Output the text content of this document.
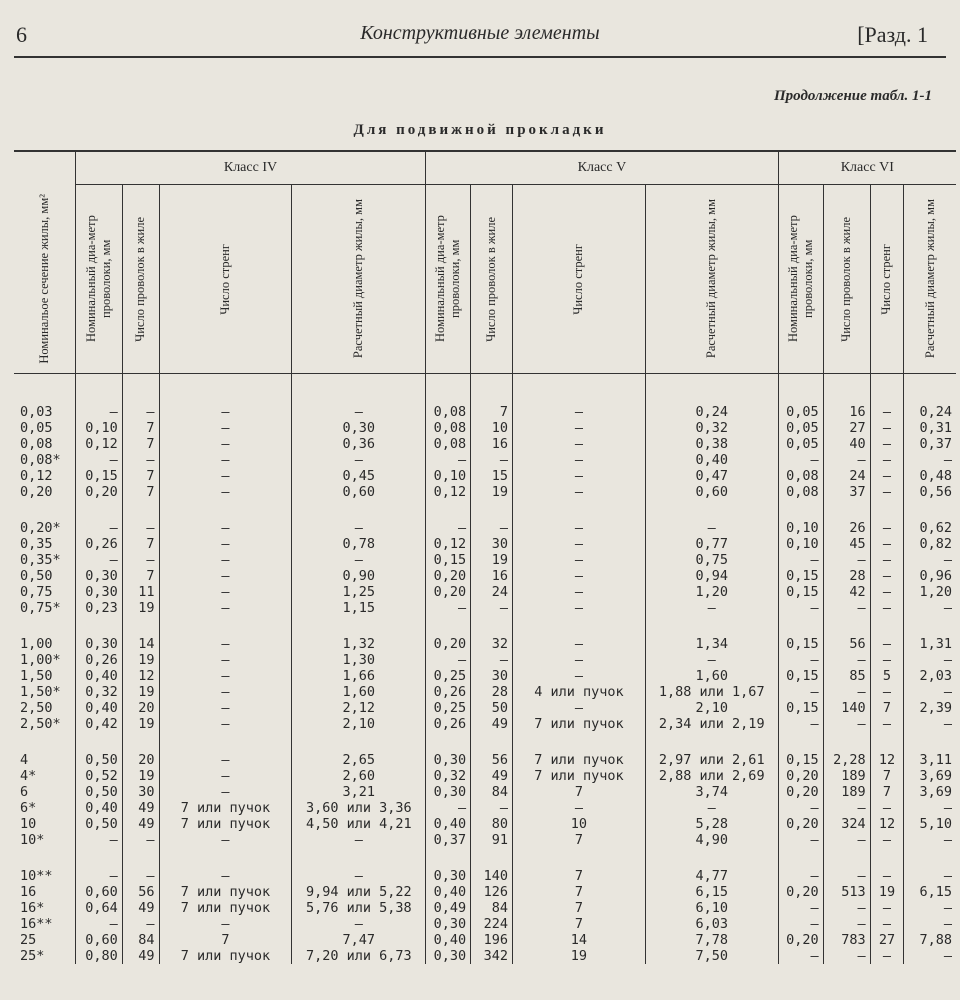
6	Конструктивные элементы	[Разд. 1
Продолжение табл. 1-1
Для подвижной прокладки
	Класс IV				Класс V				Класс VI			

Номинальое сечение жилы, мм²	Номинальный диа-метр проволоки, мм	Число проволок в жиле	Число стренг	Расчетный диаметр жилы, мм	Номинальный диа-метр проволоки, мм	Число проволок в жиле	Число стренг	Расчетный диаметр жилы, мм	Номинальный диа-метр проволоки, мм	Число проволок в жиле	Число стренг	Расчетный диаметр жилы, мм

0,03	—	—	—	—	0,08	7	—	0,24	0,05	16	—	0,24
0,05	0,10	7	—	0,30	0,08	10	—	0,32	0,05	27	—	0,31
0,08	0,12	7	—	0,36	0,08	16	—	0,38	0,05	40	—	0,37
0,08*	—	—	—	—	—	—	—	0,40	—	—	—	—
0,12	0,15	7	—	0,45	0,10	15	—	0,47	0,08	24	—	0,48
0,20	0,20	7	—	0,60	0,12	19	—	0,60	0,08	37	—	0,56

0,20*	—	—	—	—	—	—	—	—	0,10	26	—	0,62
0,35	0,26	7	—	0,78	0,12	30	—	0,77	0,10	45	—	0,82
0,35*	—	—	—	—	0,15	19	—	0,75	—	—	—	—
0,50	0,30	7	—	0,90	0,20	16	—	0,94	0,15	28	—	0,96
0,75	0,30	11	—	1,25	0,20	24	—	1,20	0,15	42	—	1,20
0,75*	0,23	19	—	1,15	—	—	—	—	—	—	—	—

1,00	0,30	14	—	1,32	0,20	32	—	1,34	0,15	56	—	1,31
1,00*	0,26	19	—	1,30	—	—	—	—	—	—	—	—
1,50	0,40	12	—	1,66	0,25	30	—	1,60	0,15	85	5	2,03
1,50*	0,32	19	—	1,60	0,26	28	4 или пучок	1,88 или 1,67	—	—	—	—
2,50	0,40	20	—	2,12	0,25	50	—	2,10	0,15	140	7	2,39
2,50*	0,42	19	—	2,10	0,26	49	7 или пучок	2,34 или 2,19	—	—	—	—

4	0,50	20	—	2,65	0,30	56	7 или пучок	2,97 или 2,61	0,15	2,28	12	3,11
4*	0,52	19	—	2,60	0,32	49	7 или пучок	2,88 или 2,69	0,20	189	7	3,69
6	0,50	30	—	3,21	0,30	84	7	3,74	0,20	189	7	3,69
6*	0,40	49	7 или пучок	3,60 или 3,36	—	—	—	—	—	—	—	—
10	0,50	49	7 или пучок	4,50 или 4,21	0,40	80	10	5,28	0,20	324	12	5,10
10*	—	—	—	—	0,37	91	7	4,90	—	—	—	—

10**	—	—	—	—	0,30	140	7	4,77	—	—	—	—
16	0,60	56	7 или пучок	9,94 или 5,22	0,40	126	7	6,15	0,20	513	19	6,15
16*	0,64	49	7 или пучок	5,76 или 5,38	0,49	84	7	6,10	—	—	—	—
16**	—	—	—	—	0,30	224	7	6,03	—	—	—	—
25	0,60	84	7	7,47	0,40	196	14	7,78	0,20	783	27	7,88
25*	0,80	49	7 или пучок	7,20 или 6,73	0,30	342	19	7,50	—	—	—	—
